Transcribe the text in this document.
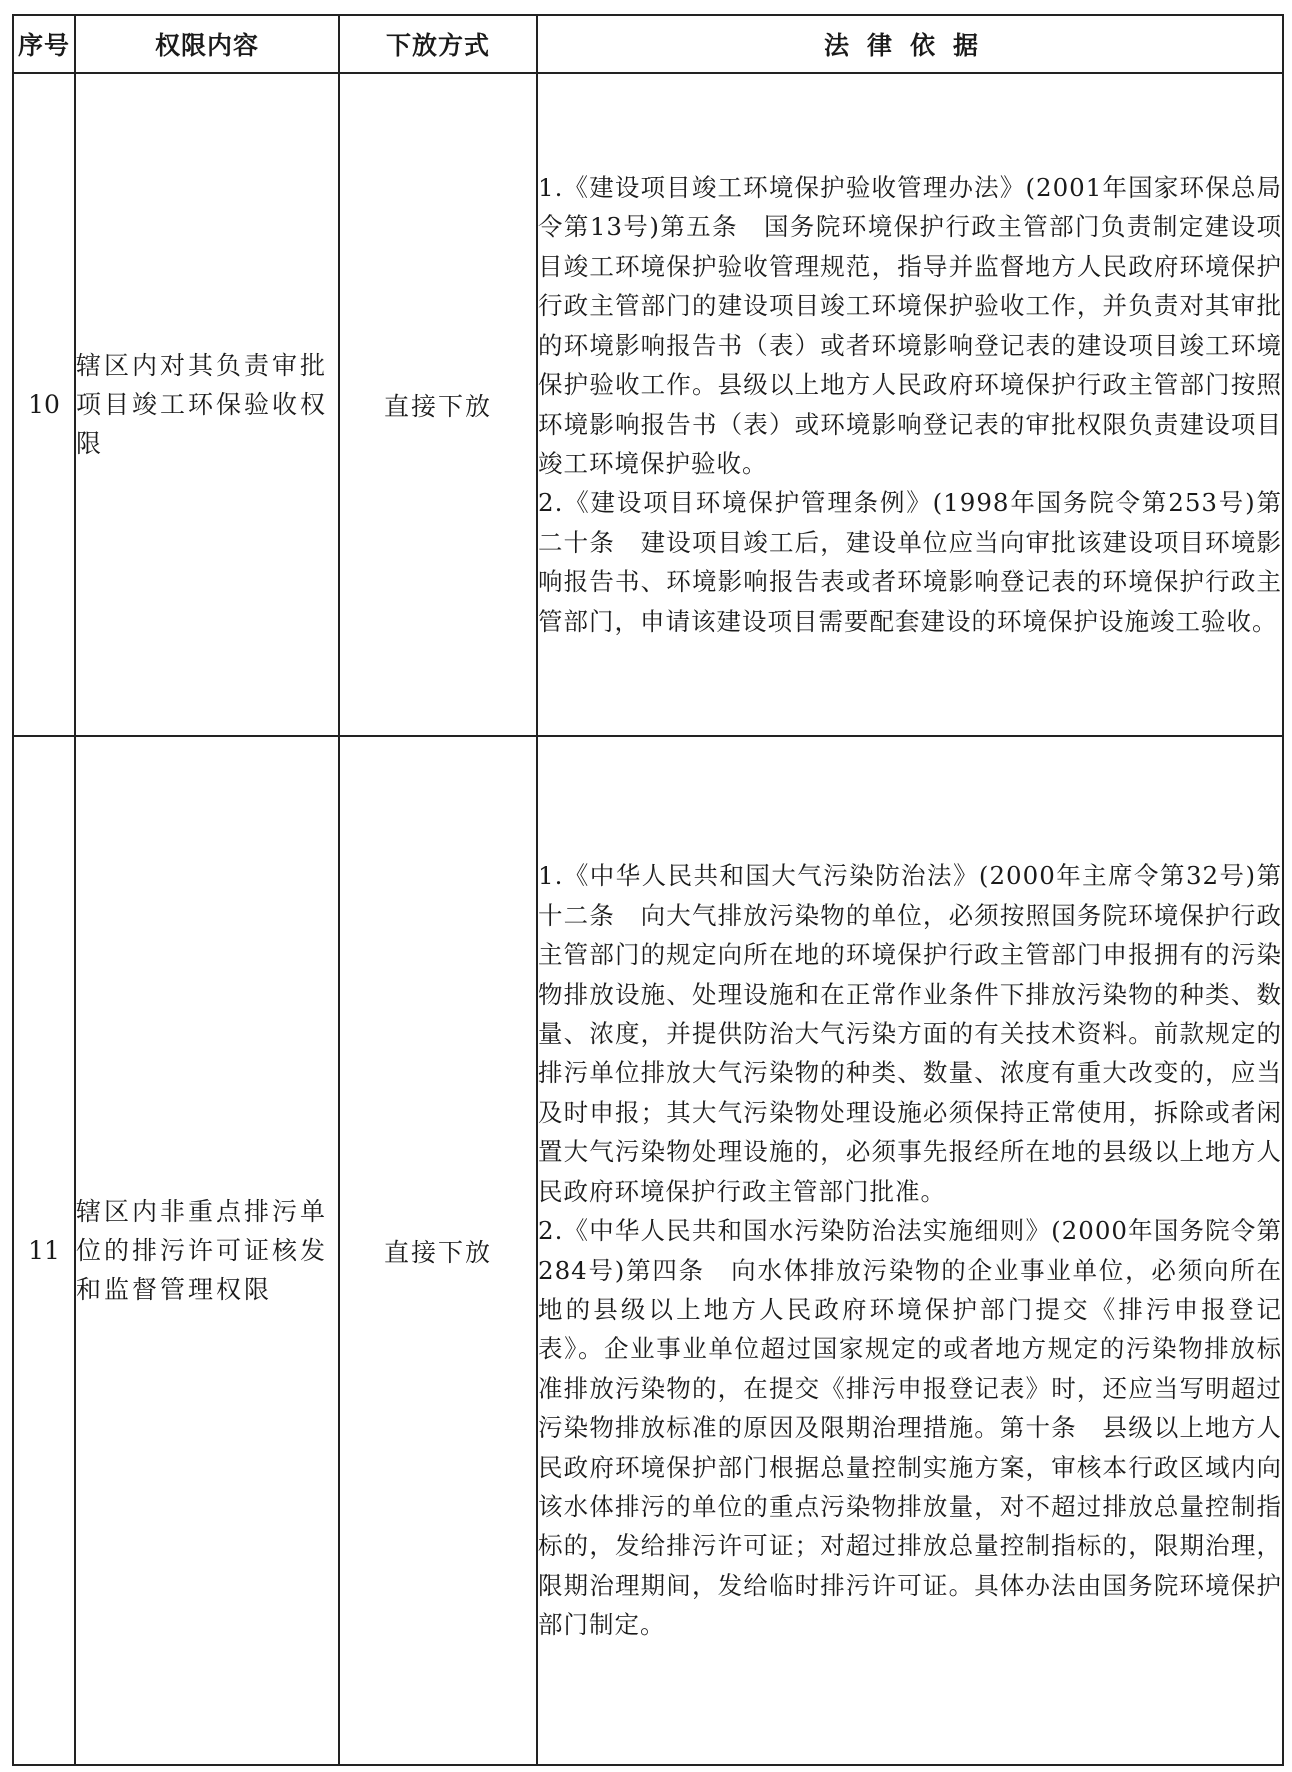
序号	权限内容	下放方式	法律依据
10	辖区内对其负责审批项目竣工环保验收权限	直接下放	1.《建设项目竣工环境保护验收管理办法》(2001年国家环保总局令第13号)第五条　国务院环境保护行政主管部门负责制定建设项目竣工环境保护验收管理规范，指导并监督地方人民政府环境保护行政主管部门的建设项目竣工环境保护验收工作，并负责对其审批的环境影响报告书（表）或者环境影响登记表的建设项目竣工环境保护验收工作。县级以上地方人民政府环境保护行政主管部门按照环境影响报告书（表）或环境影响登记表的审批权限负责建设项目竣工环境保护验收。

2.《建设项目环境保护管理条例》(1998年国务院令第253号)第二十条　建设项目竣工后，建设单位应当向审批该建设项目环境影响报告书、环境影响报告表或者环境影响登记表的环境保护行政主管部门，申请该建设项目需要配套建设的环境保护设施竣工验收。

11	辖区内非重点排污单位的排污许可证核发和监督管理权限	直接下放	1.《中华人民共和国大气污染防治法》(2000年主席令第32号)第十二条　向大气排放污染物的单位，必须按照国务院环境保护行政主管部门的规定向所在地的环境保护行政主管部门申报拥有的污染物排放设施、处理设施和在正常作业条件下排放污染物的种类、数量、浓度，并提供防治大气污染方面的有关技术资料。前款规定的排污单位排放大气污染物的种类、数量、浓度有重大改变的，应当及时申报；其大气污染物处理设施必须保持正常使用，拆除或者闲置大气污染物处理设施的，必须事先报经所在地的县级以上地方人民政府环境保护行政主管部门批准。

2.《中华人民共和国水污染防治法实施细则》(2000年国务院令第284号)第四条　向水体排放污染物的企业事业单位，必须向所在地的县级以上地方人民政府环境保护部门提交《排污申报登记表》。企业事业单位超过国家规定的或者地方规定的污染物排放标准排放污染物的，在提交《排污申报登记表》时，还应当写明超过污染物排放标准的原因及限期治理措施。第十条　县级以上地方人民政府环境保护部门根据总量控制实施方案，审核本行政区域内向该水体排污的单位的重点污染物排放量，对不超过排放总量控制指标的，发给排污许可证；对超过排放总量控制指标的，限期治理，限期治理期间，发给临时排污许可证。具体办法由国务院环境保护部门制定。
